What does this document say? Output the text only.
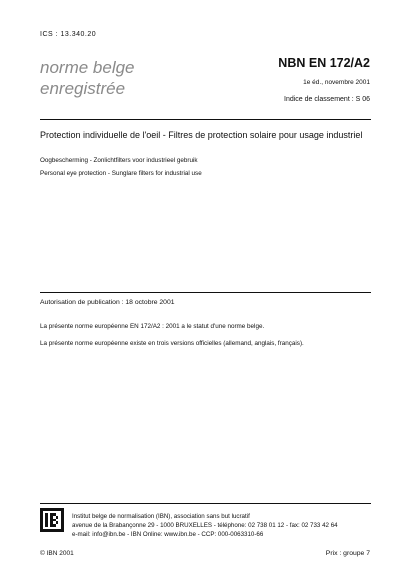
ICS : 13.340.20
norme belge
enregistrée
NBN EN 172/A2
1e éd., novembre 2001
Indice de classement : S 06
Protection individuelle de l'oeil - Filtres de protection solaire pour usage industriel
Oogbescherming - Zonlichtfilters voor industrieel gebruik
Personal eye protection - Sunglare filters for industrial use
Autorisation de publication : 18 octobre 2001
La présente norme européenne EN 172/A2 : 2001 a le statut d'une norme belge.
La présente norme européenne existe en trois versions officielles (allemand, anglais, français).
Institut belge de normalisation (IBN), association sans but lucratif
avenue de la Brabançonne 29 - 1000 BRUXELLES - téléphone: 02 738 01 12 - fax: 02 733 42 64
e-mail: info@ibn.be - IBN Online: www.ibn.be - CCP: 000-0063310-66
© IBN 2001	Prix : groupe 7
